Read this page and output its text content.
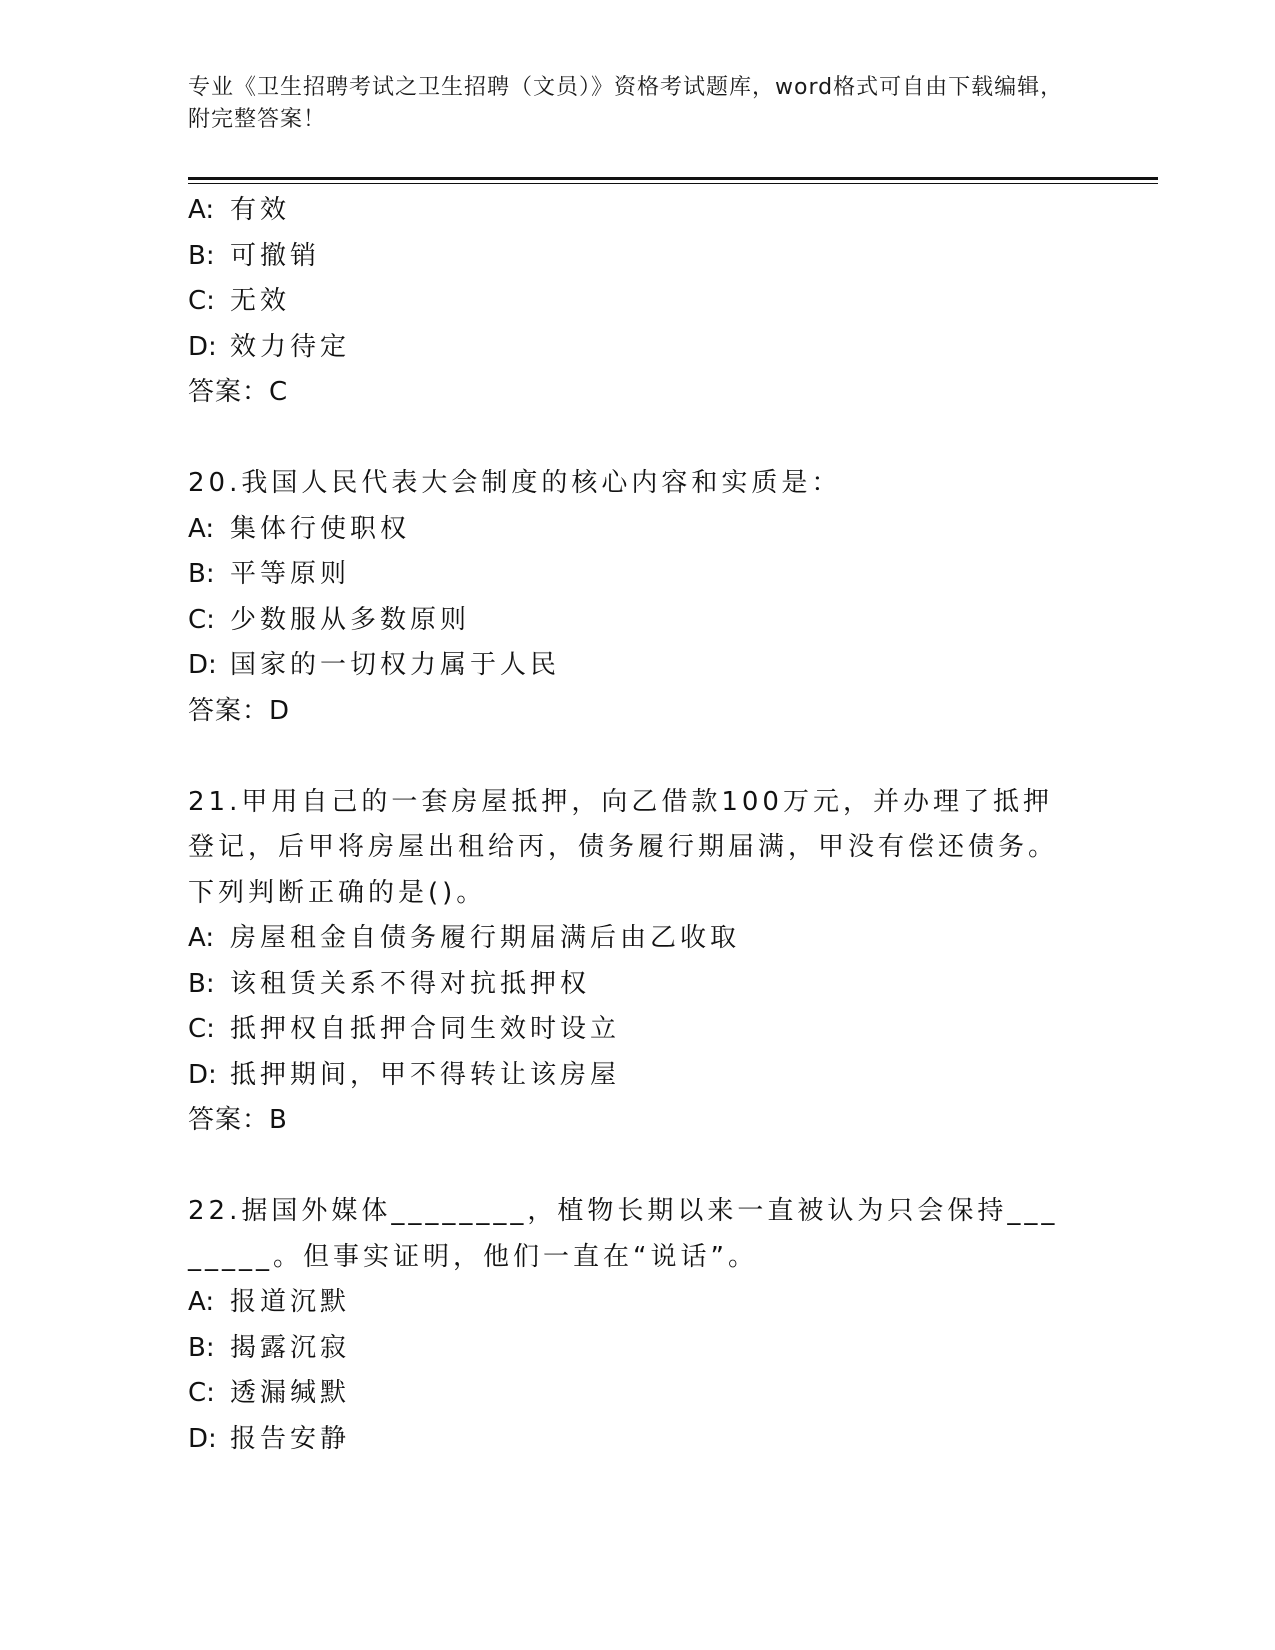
专业《卫生招聘考试之卫生招聘（文员）》资格考试题库，word格式可自由下载编辑，附完整答案！
A: 有效
B: 可撤销
C: 无效
D: 效力待定
答案：C
20.我国人民代表大会制度的核心内容和实质是：
A: 集体行使职权
B: 平等原则
C: 少数服从多数原则
D: 国家的一切权力属于人民
答案：D
21.甲用自己的一套房屋抵押，向乙借款100万元，并办理了抵押登记，后甲将房屋出租给丙，债务履行期届满，甲没有偿还债务。下列判断正确的是()。
A: 房屋租金自债务履行期届满后由乙收取
B: 该租赁关系不得对抗抵押权
C: 抵押权自抵押合同生效时设立
D: 抵押期间，甲不得转让该房屋
答案：B
22.据国外媒体________，植物长期以来一直被认为只会保持________。但事实证明，他们一直在“说话”。
A: 报道沉默
B: 揭露沉寂
C: 透漏缄默
D: 报告安静
